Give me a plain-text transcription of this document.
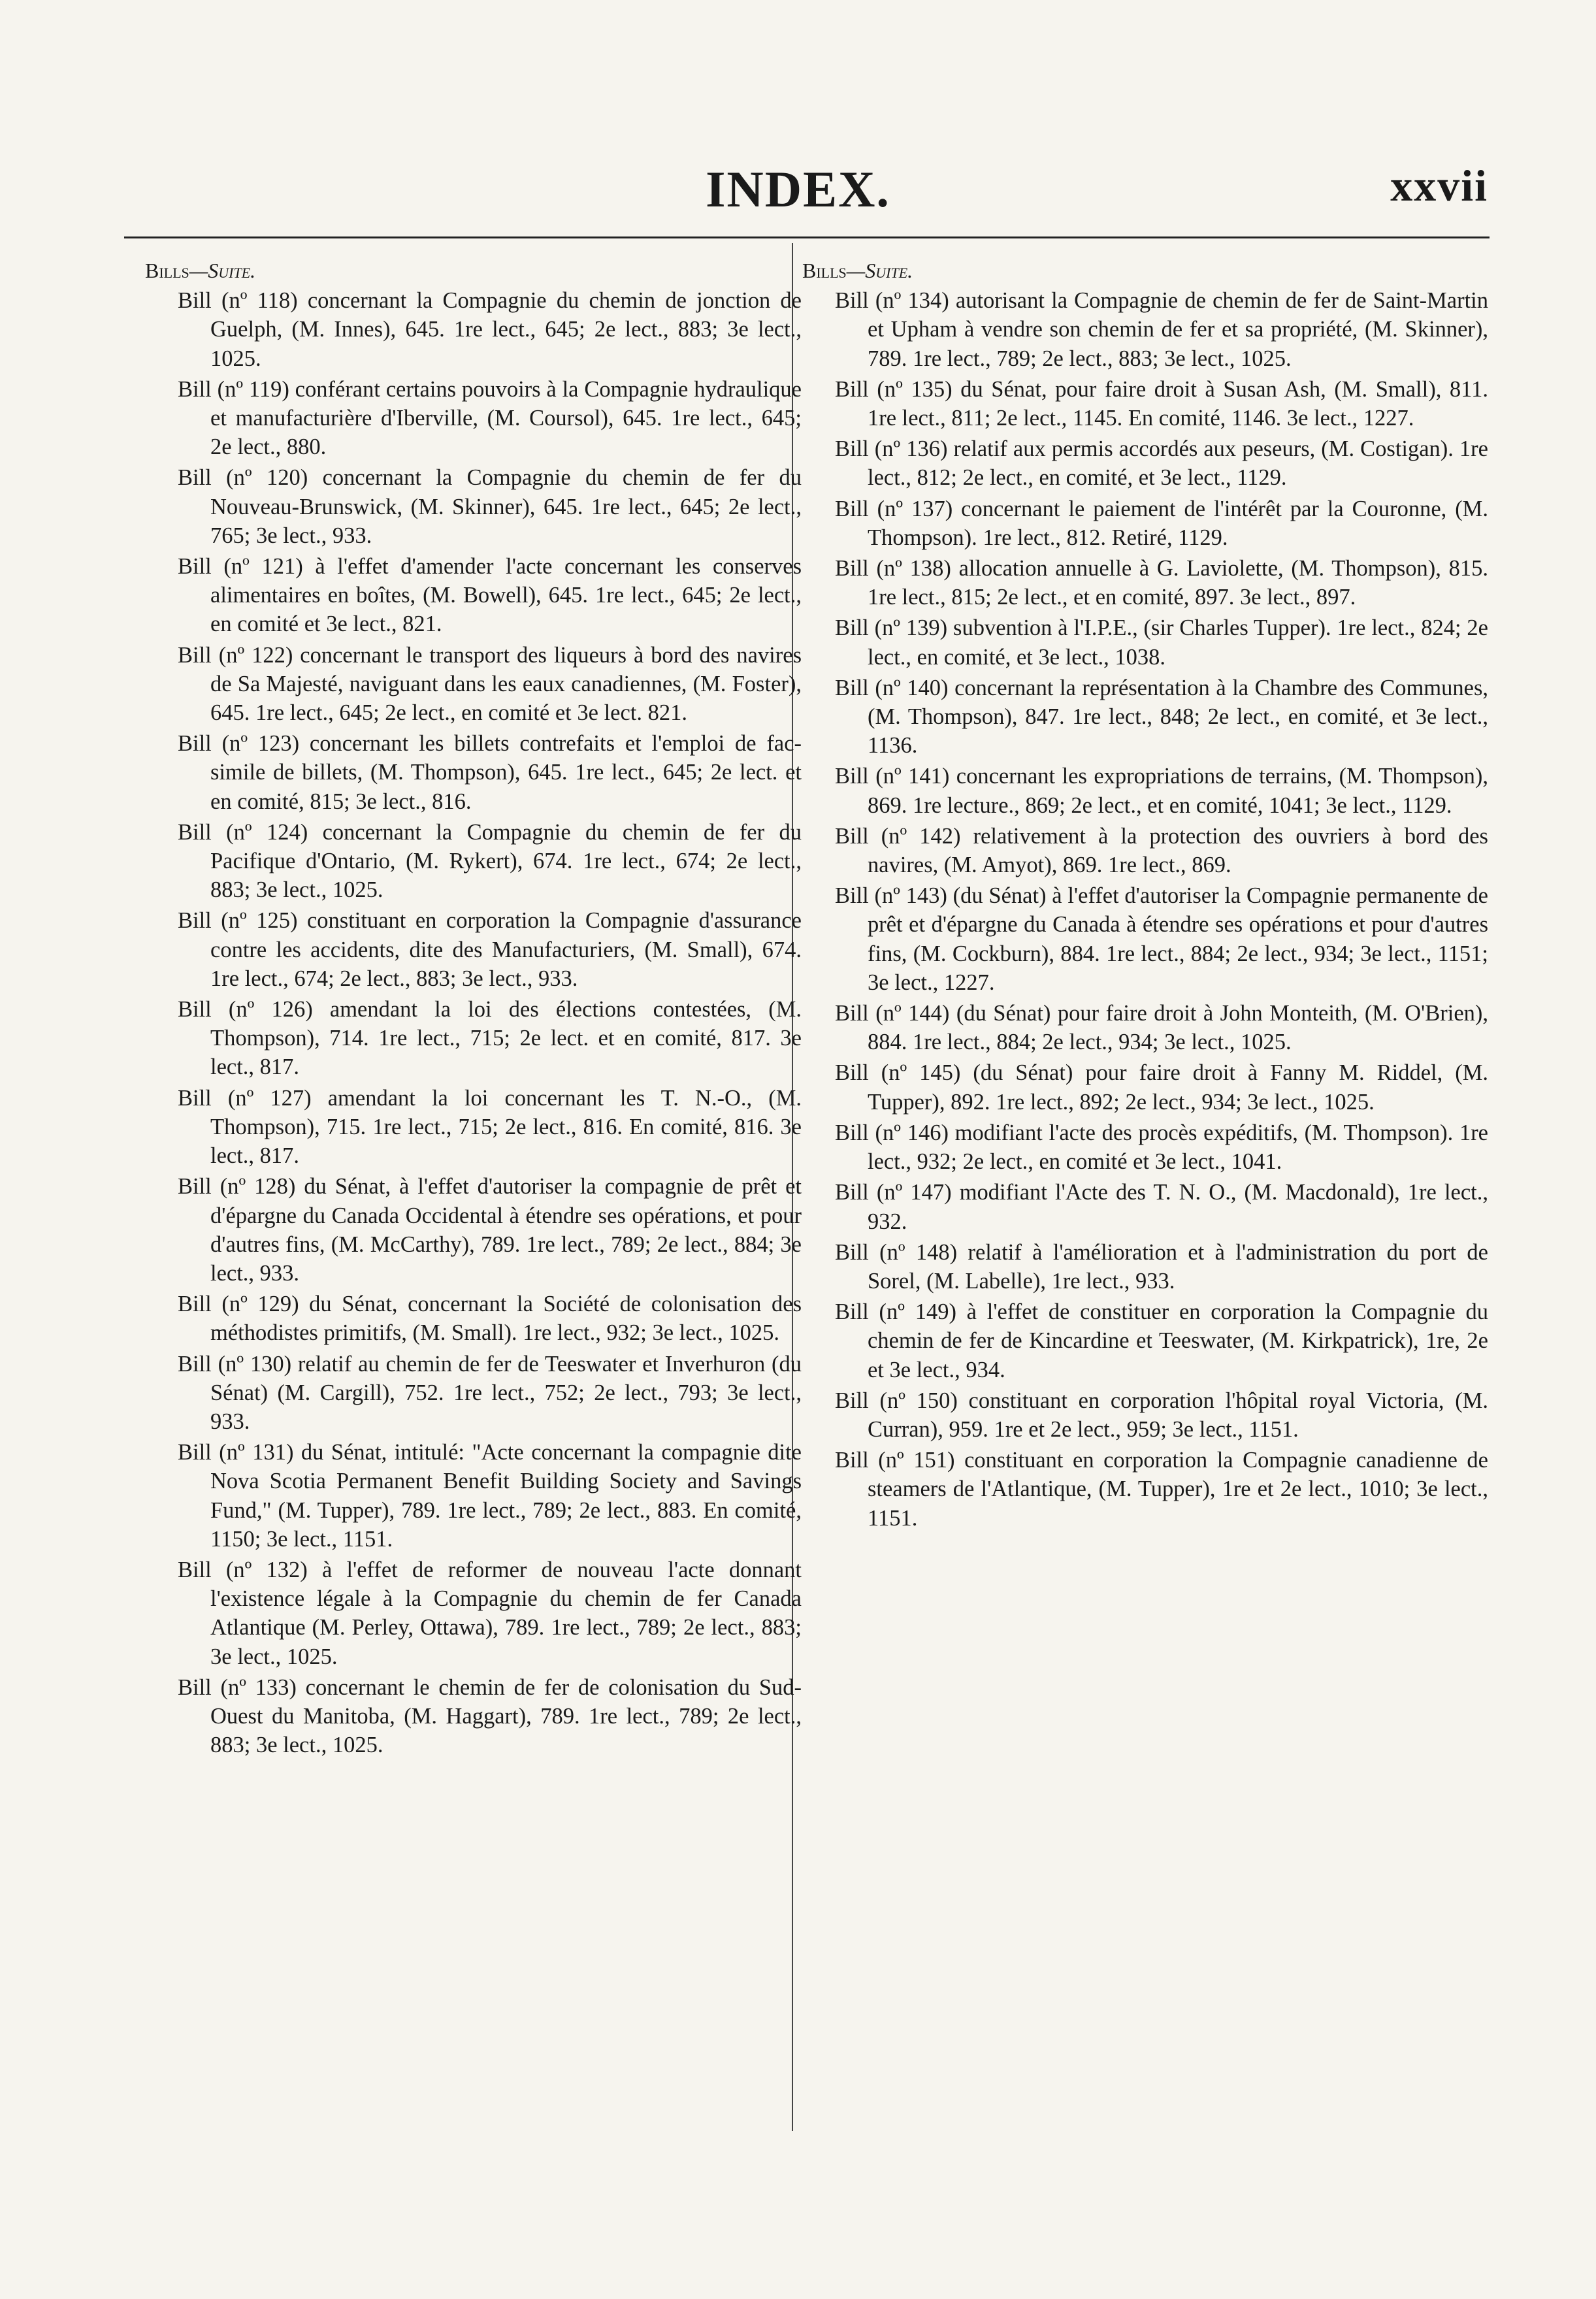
INDEX.	xxvii
Bills—Suite.

Bill (nº 118) concernant la Compagnie du chemin de jonction de Guelph, (M. Innes), 645. 1re lect., 645; 2e lect., 883; 3e lect., 1025.

Bill (nº 119) conférant certains pouvoirs à la Compagnie hydraulique et manufacturière d'Iberville, (M. Coursol), 645. 1re lect., 645; 2e lect., 880.

Bill (nº 120) concernant la Compagnie du chemin de fer du Nouveau-Brunswick, (M. Skinner), 645. 1re lect., 645; 2e lect., 765; 3e lect., 933.

Bill (nº 121) à l'effet d'amender l'acte concernant les conserves alimentaires en boîtes, (M. Bowell), 645. 1re lect., 645; 2e lect., en comité et 3e lect., 821.

Bill (nº 122) concernant le transport des liqueurs à bord des navires de Sa Majesté, naviguant dans les eaux canadiennes, (M. Foster), 645. 1re lect., 645; 2e lect., en comité et 3e lect. 821.

Bill (nº 123) concernant les billets contrefaits et l'emploi de fac-simile de billets, (M. Thompson), 645. 1re lect., 645; 2e lect. et en comité, 815; 3e lect., 816.

Bill (nº 124) concernant la Compagnie du chemin de fer du Pacifique d'Ontario, (M. Rykert), 674. 1re lect., 674; 2e lect., 883; 3e lect., 1025.

Bill (nº 125) constituant en corporation la Compagnie d'assurance contre les accidents, dite des Manufacturiers, (M. Small), 674. 1re lect., 674; 2e lect., 883; 3e lect., 933.

Bill (nº 126) amendant la loi des élections contestées, (M. Thompson), 714. 1re lect., 715; 2e lect. et en comité, 817. 3e lect., 817.

Bill (nº 127) amendant la loi concernant les T. N.-O., (M. Thompson), 715. 1re lect., 715; 2e lect., 816. En comité, 816. 3e lect., 817.

Bill (nº 128) du Sénat, à l'effet d'autoriser la compagnie de prêt et d'épargne du Canada Occidental à étendre ses opérations, et pour d'autres fins, (M. McCarthy), 789. 1re lect., 789; 2e lect., 884; 3e lect., 933.

Bill (nº 129) du Sénat, concernant la Société de colonisation des méthodistes primitifs, (M. Small). 1re lect., 932; 3e lect., 1025.

Bill (nº 130) relatif au chemin de fer de Teeswater et Inverhuron (du Sénat) (M. Cargill), 752. 1re lect., 752; 2e lect., 793; 3e lect., 933.

Bill (nº 131) du Sénat, intitulé: "Acte concernant la compagnie dite Nova Scotia Permanent Benefit Building Society and Savings Fund," (M. Tupper), 789. 1re lect., 789; 2e lect., 883. En comité, 1150; 3e lect., 1151.

Bill (nº 132) à l'effet de reformer de nouveau l'acte donnant l'existence légale à la Compagnie du chemin de fer Canada Atlantique (M. Perley, Ottawa), 789. 1re lect., 789; 2e lect., 883; 3e lect., 1025.

Bill (nº 133) concernant le chemin de fer de colonisation du Sud-Ouest du Manitoba, (M. Haggart), 789. 1re lect., 789; 2e lect., 883; 3e lect., 1025.

Bills—Suite.

Bill (nº 134) autorisant la Compagnie de chemin de fer de Saint-Martin et Upham à vendre son chemin de fer et sa propriété, (M. Skinner), 789. 1re lect., 789; 2e lect., 883; 3e lect., 1025.

Bill (nº 135) du Sénat, pour faire droit à Susan Ash, (M. Small), 811. 1re lect., 811; 2e lect., 1145. En comité, 1146. 3e lect., 1227.

Bill (nº 136) relatif aux permis accordés aux peseurs, (M. Costigan). 1re lect., 812; 2e lect., en comité, et 3e lect., 1129.

Bill (nº 137) concernant le paiement de l'intérêt par la Couronne, (M. Thompson). 1re lect., 812. Retiré, 1129.

Bill (nº 138) allocation annuelle à G. Laviolette, (M. Thompson), 815. 1re lect., 815; 2e lect., et en comité, 897. 3e lect., 897.

Bill (nº 139) subvention à l'I.P.E., (sir Charles Tupper). 1re lect., 824; 2e lect., en comité, et 3e lect., 1038.

Bill (nº 140) concernant la représentation à la Chambre des Communes, (M. Thompson), 847. 1re lect., 848; 2e lect., en comité, et 3e lect., 1136.

Bill (nº 141) concernant les expropriations de terrains, (M. Thompson), 869. 1re lecture., 869; 2e lect., et en comité, 1041; 3e lect., 1129.

Bill (nº 142) relativement à la protection des ouvriers à bord des navires, (M. Amyot), 869. 1re lect., 869.

Bill (nº 143) (du Sénat) à l'effet d'autoriser la Compagnie permanente de prêt et d'épargne du Canada à étendre ses opérations et pour d'autres fins, (M. Cockburn), 884. 1re lect., 884; 2e lect., 934; 3e lect., 1151; 3e lect., 1227.

Bill (nº 144) (du Sénat) pour faire droit à John Monteith, (M. O'Brien), 884. 1re lect., 884; 2e lect., 934; 3e lect., 1025.

Bill (nº 145) (du Sénat) pour faire droit à Fanny M. Riddel, (M. Tupper), 892. 1re lect., 892; 2e lect., 934; 3e lect., 1025.

Bill (nº 146) modifiant l'acte des procès expéditifs, (M. Thompson). 1re lect., 932; 2e lect., en comité et 3e lect., 1041.

Bill (nº 147) modifiant l'Acte des T. N. O., (M. Macdonald), 1re lect., 932.

Bill (nº 148) relatif à l'amélioration et à l'administration du port de Sorel, (M. Labelle), 1re lect., 933.

Bill (nº 149) à l'effet de constituer en corporation la Compagnie du chemin de fer de Kincardine et Teeswater, (M. Kirkpatrick), 1re, 2e et 3e lect., 934.

Bill (nº 150) constituant en corporation l'hôpital royal Victoria, (M. Curran), 959. 1re et 2e lect., 959; 3e lect., 1151.

Bill (nº 151) constituant en corporation la Compagnie canadienne de steamers de l'Atlantique, (M. Tupper), 1re et 2e lect., 1010; 3e lect., 1151.
